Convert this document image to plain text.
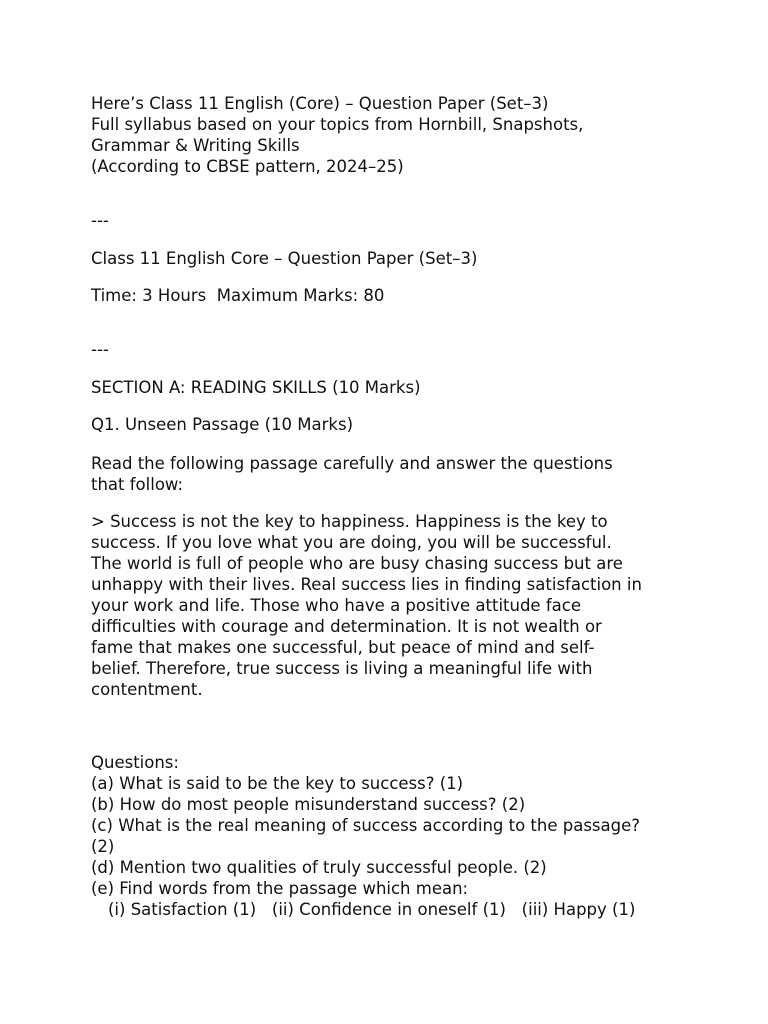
Here’s Class 11 English (Core) – Question Paper (Set–3)
Full syllabus based on your topics from Hornbill, Snapshots,
Grammar & Writing Skills
(According to CBSE pattern, 2024–25)
---
Class 11 English Core – Question Paper (Set–3)
Time: 3 Hours  Maximum Marks: 80
---
SECTION A: READING SKILLS (10 Marks)
Q1. Unseen Passage (10 Marks)
Read the following passage carefully and answer the questions
that follow:
> Success is not the key to happiness. Happiness is the key to
success. If you love what you are doing, you will be successful.
The world is full of people who are busy chasing success but are
unhappy with their lives. Real success lies in finding satisfaction in
your work and life. Those who have a positive attitude face
difficulties with courage and determination. It is not wealth or
fame that makes one successful, but peace of mind and self-
belief. Therefore, true success is living a meaningful life with
contentment.
Questions:
(a) What is said to be the key to success? (1)
(b) How do most people misunderstand success? (2)
(c) What is the real meaning of success according to the passage?
(2)
(d) Mention two qualities of truly successful people. (2)
(e) Find words from the passage which mean:
(i) Satisfaction (1)   (ii) Confidence in oneself (1)   (iii) Happy (1)
